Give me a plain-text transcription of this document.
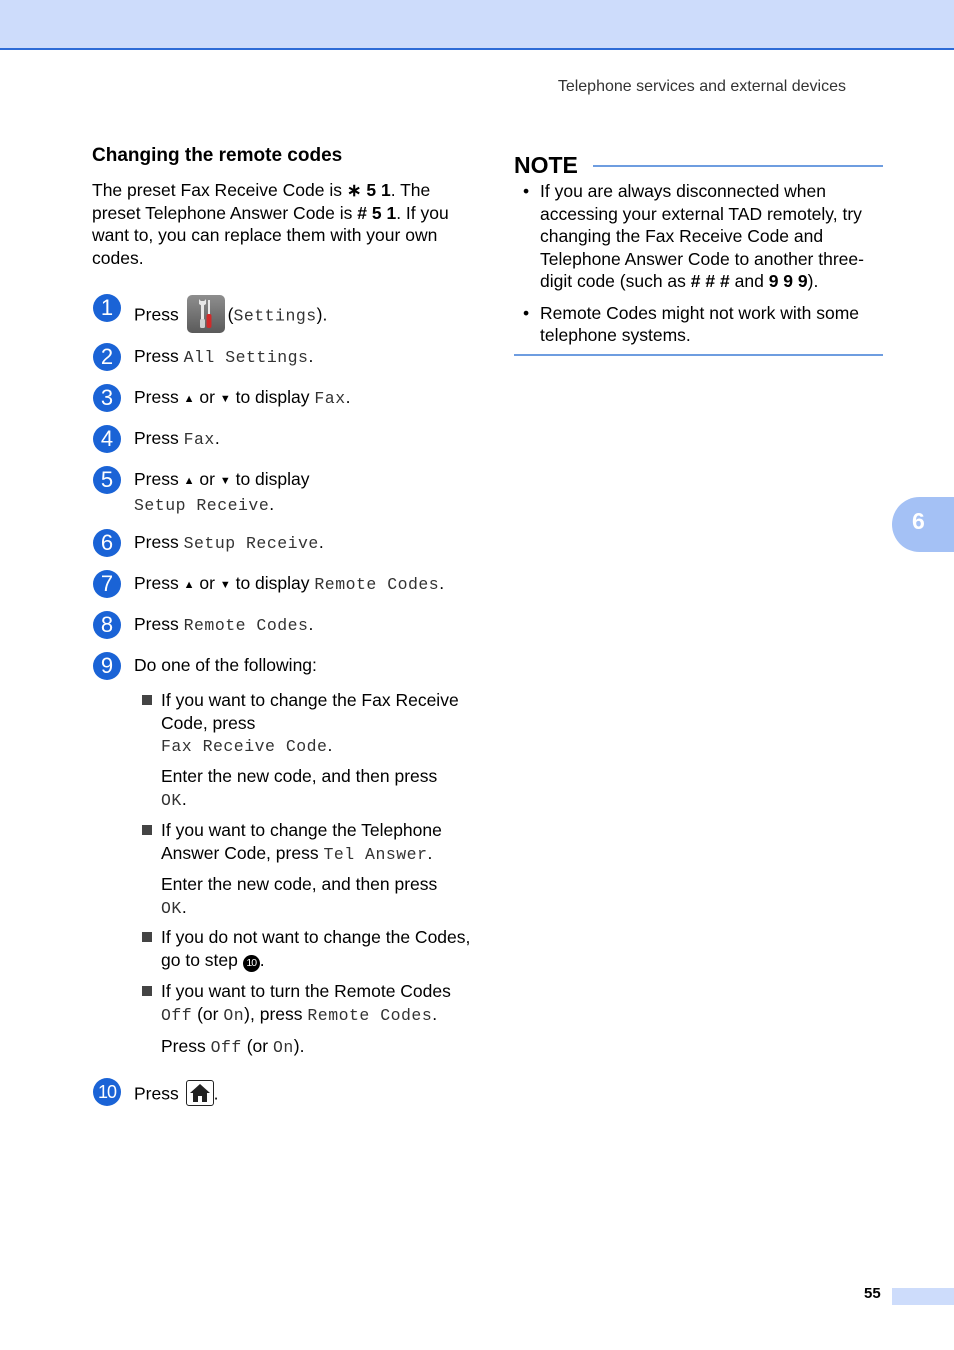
Telephone services and external devices
Changing the remote codes

The preset Fax Receive Code is ∗ 5 1. The preset Telephone Answer Code is # 5 1. If you want to, you can replace them with your own codes.

1	Press	(Settings).
2	Press All Settings.
3	Press ▲ or ▼ to display Fax.
4	Press Fax.
5	Press ▲ or ▼ to display
Setup Receive.
6	Press Setup Receive.
7	Press ▲ or ▼ to display Remote Codes.
8	Press Remote Codes.
9	Do one of the following:
If you want to change the Fax Receive Code, press
Fax Receive Code.
Enter the new code, and then press
OK.
If you want to change the Telephone Answer Code, press Tel Answer.
Enter the new code, and then press
OK.
If you do not want to change the Codes, go to step 10 .
If you want to turn the Remote Codes
Off (or On), press Remote Codes.
Press Off (or On).
10 Press .
NOTE
• If you are always disconnected when accessing your external TAD remotely, try changing the Fax Receive Code and Telephone Answer Code to another three-digit code (such as # # # and 9 9 9).
• Remote Codes might not work with some telephone systems.
6
55
